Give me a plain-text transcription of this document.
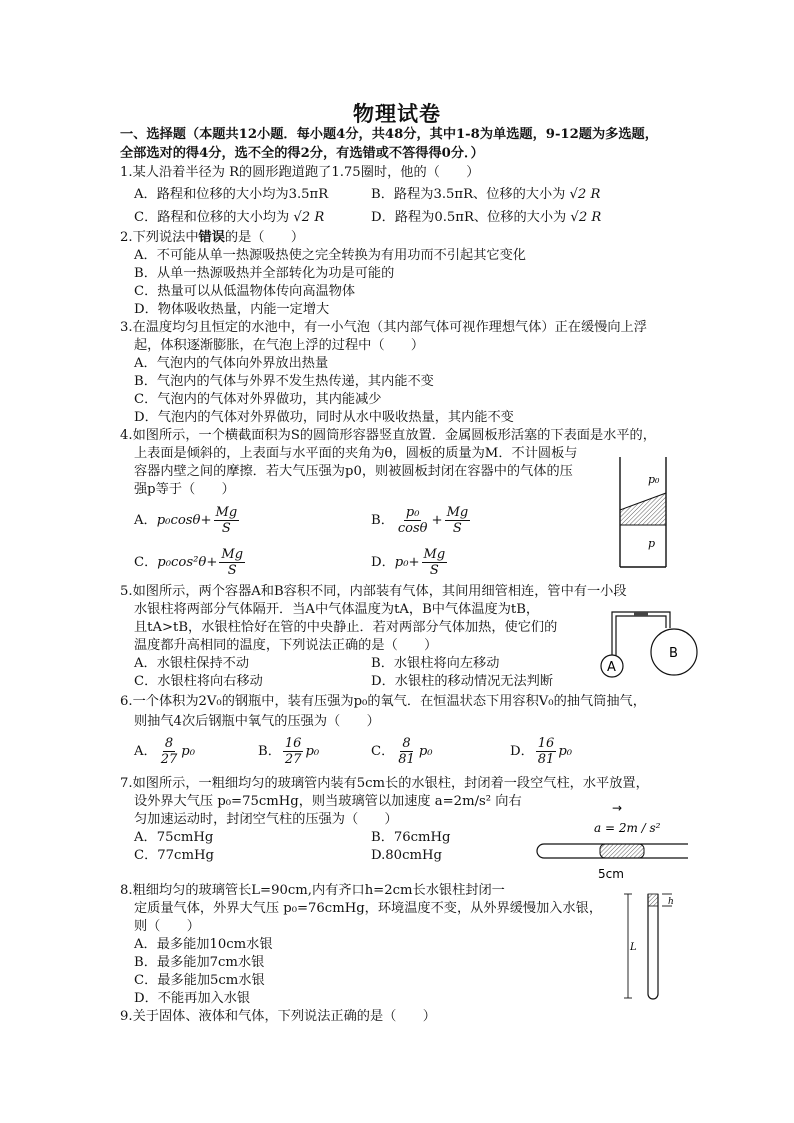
物理试卷
一、选择题（本题共12小题．每小题4分，共48分，其中1-8为单选题，9-12题为多选题，
全部选对的得4分，选不全的得2分，有选错或不答得得0分．）
1.某人沿着半径为 R的圆形跑道跑了1.75圈时，他的（　　）
A．路程和位移的大小均为3.5πR	B．路程为3.5πR、位移的大小为 √2 R
C．路程和位移的大小均为 √2 R	D．路程为0.5πR、位移的大小为 √2 R
2.下列说法中错误的是（　　）
A．不可能从单一热源吸热使之完全转换为有用功而不引起其它变化
B．从单一热源吸热并全部转化为功是可能的
C．热量可以从低温物体传向高温物体
D．物体吸收热量，内能一定增大
3.在温度均匀且恒定的水池中，有一小气泡（其内部气体可视作理想气体）正在缓慢向上浮
起，体积逐渐膨胀，在气泡上浮的过程中（　　）
A．气泡内的气体向外界放出热量
B．气泡内的气体与外界不发生热传递，其内能不变
C．气泡内的气体对外界做功，其内能减少
D．气泡内的气体对外界做功，同时从水中吸收热量，其内能不变
4.如图所示，一个横截面积为S的圆筒形容器竖直放置．金属圆板形活塞的下表面是水平的，
上表面是倾斜的，上表面与水平面的夹角为θ，圆板的质量为M．不计圆板与
容器内壁之间的摩擦．若大气压强为p0，则被圆板封闭在容器中的气体的压
强p等于（　　）
A．$p_0\cos\theta+ \frac{Mg}{S}$	B． $\frac{\text{p₀}}{\cos\theta} + \frac{Mg}{S}$
C．$p_0\cos^2\theta+ \frac{Mg}{S}$	D．$p_0+ \frac{Mg}{S}$
p₀
p
5.如图所示，两个容器A和B容积不同，内部装有气体，其间用细管相连，管中有一小段
水银柱将两部分气体隔开．当A中气体温度为tA，B中气体温度为tB，
且tA>tB，水银柱恰好在管的中央静止．若对两部分气体加热，使它们的
温度都升高相同的温度，下列说法正确的是（　　）
A．水银柱保持不动	B．水银柱将向左移动
C．水银柱将向右移动	D．水银柱的移动情况无法判断
A
B
6.一个体积为2V₀的钢瓶中，装有压强为p₀的氧气．在恒温状态下用容积V₀的抽气筒抽气，
则抽气4次后钢瓶中氧气的压强为（　　）
A． $\frac{8}{27} p_0$	B． $\frac{16}{27} p_0$	C． $\frac{8}{81} p_0$	D． $\frac{16}{81} p_0$
7.如图所示，一粗细均匀的玻璃管内装有5cm长的水银柱，封闭着一段空气柱，水平放置，
设外界大气压 p₀=75cmHg，则当玻璃管以加速度 a=2m/s² 向右
匀加速运动时，封闭空气柱的压强为（　　）
A．75cmHg	B．76cmHg
C．77cmHg	D.80cmHg
→
a = 2m / s²
5cm
8.粗细均匀的玻璃管长L=90cm,内有齐口h=2cm长水银柱封闭一
定质量气体，外界大气压 p₀=76cmHg，环境温度不变，从外界缓慢加入水银，
则（　　）
A．最多能加10cm水银
B．最多能加7cm水银
C．最多能加5cm水银
D．不能再加入水银
L
h
9.关于固体、液体和气体，下列说法正确的是（　　）
